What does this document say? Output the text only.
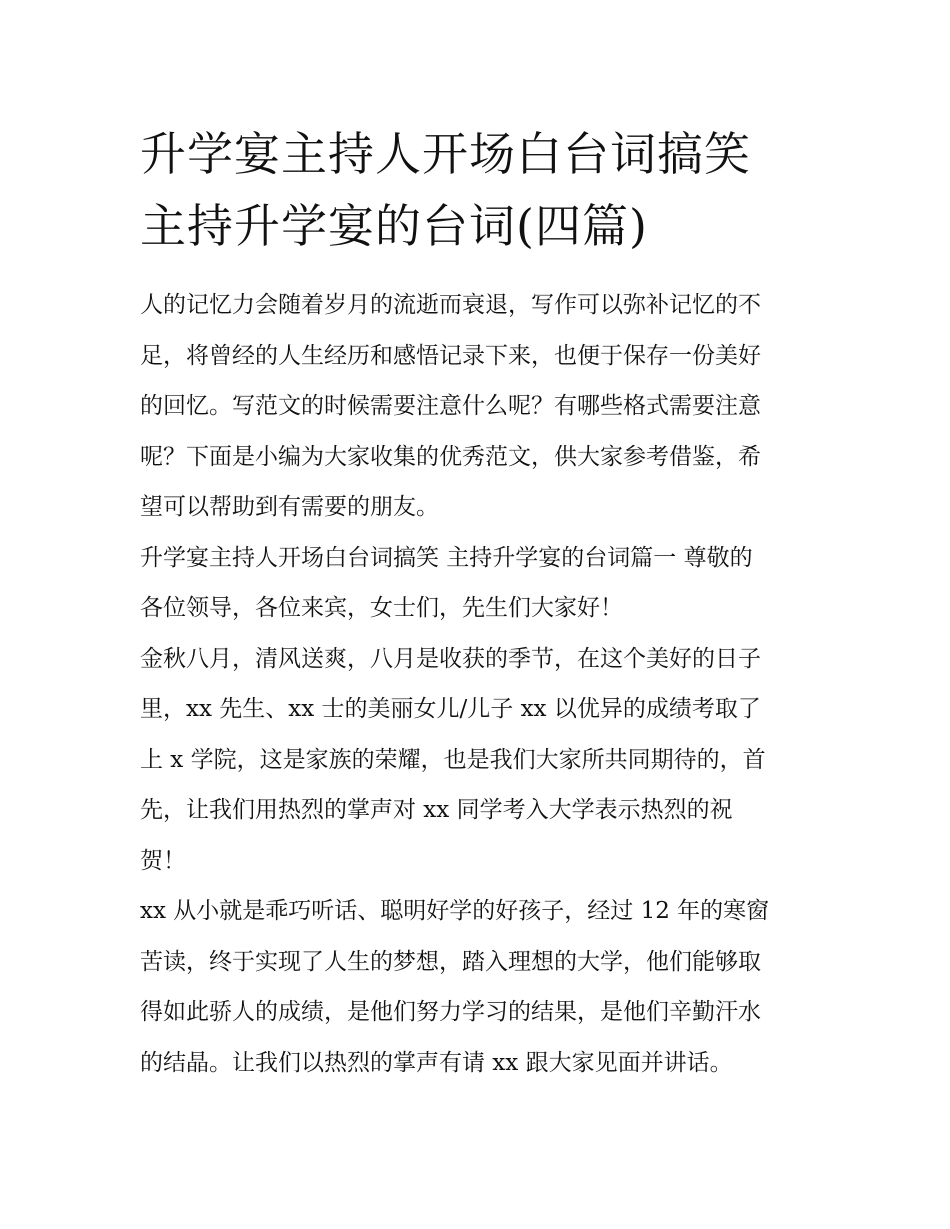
升学宴主持人开场白台词搞笑
主持升学宴的台词(四篇)

人的记忆力会随着岁月的流逝而衰退，写作可以弥补记忆的不
足，将曾经的人生经历和感悟记录下来，也便于保存一份美好
的回忆。写范文的时候需要注意什么呢？有哪些格式需要注意
呢？下面是小编为大家收集的优秀范文，供大家参考借鉴，希
望可以帮助到有需要的朋友。

升学宴主持人开场白台词搞笑 主持升学宴的台词篇一 尊敬的
各位领导，各位来宾，女士们，先生们大家好！

金秋八月，清风送爽，八月是收获的季节，在这个美好的日子
里，xx 先生、xx 士的美丽女儿/儿子 xx 以优异的成绩考取了
上 x 学院，这是家族的荣耀，也是我们大家所共同期待的，首
先，让我们用热烈的掌声对 xx 同学考入大学表示热烈的祝
贺！

xx 从小就是乖巧听话、聪明好学的好孩子，经过 12 年的寒窗
苦读，终于实现了人生的梦想，踏入理想的大学，他们能够取
得如此骄人的成绩，是他们努力学习的结果，是他们辛勤汗水
的结晶。让我们以热烈的掌声有请 xx 跟大家见面并讲话。
